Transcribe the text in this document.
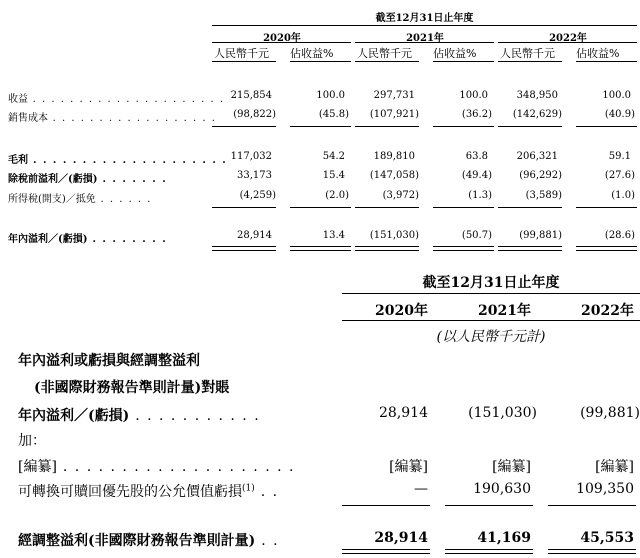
截至12月31日止年度
2020年	2021年	2022年
人民幣千元 佔收益% 人民幣千元 佔收益% 人民幣千元 佔收益%
收益 . . . . . . . . . . . . . . . . . . . . . 215,854	100.0	297,731	100.0	348,950	100.0
銷售成本 . . . . . . . . . . . . . . . . . .	(98,822)	(45.8)	(107,921)	(36.2)	(142,629)	(40.9)
毛利 . . . . . . . . . . . . . . . . . . . . 117,032	54.2	189,810	63.8	206,321	59.1
除稅前溢利／(虧損) . . . . . . .	33,173	15.4	(147,058)	(49.4)	(96,292)	(27.6)
所得稅(開支)／抵免 . . . . . .	(4,259)	(2.0)	(3,972)	(1.3)	(3,589)	(1.0)
年內溢利／(虧損) . . . . . . . .	28,914	13.4	(151,030)	(50.7)	(99,881)	(28.6)
截至12月31日止年度
2020年	2021年	2022年
(以人民幣千元計)
年內溢利或虧損與經調整溢利
(非國際財務報告準則計量)對賬
年內溢利／(虧損) . . . . . . . . . . .	28,914	(151,030)	(99,881)
加：
[編纂] . . . . . . . . . . . . . . . . . . . .	[編纂]	[編纂]	[編纂]
可轉換可贖回優先股的公允價值虧損$^{(1)}$ . .	—	190,630	109,350
經調整溢利(非國際財務報告準則計量) . .	28,914	41,169	45,553
